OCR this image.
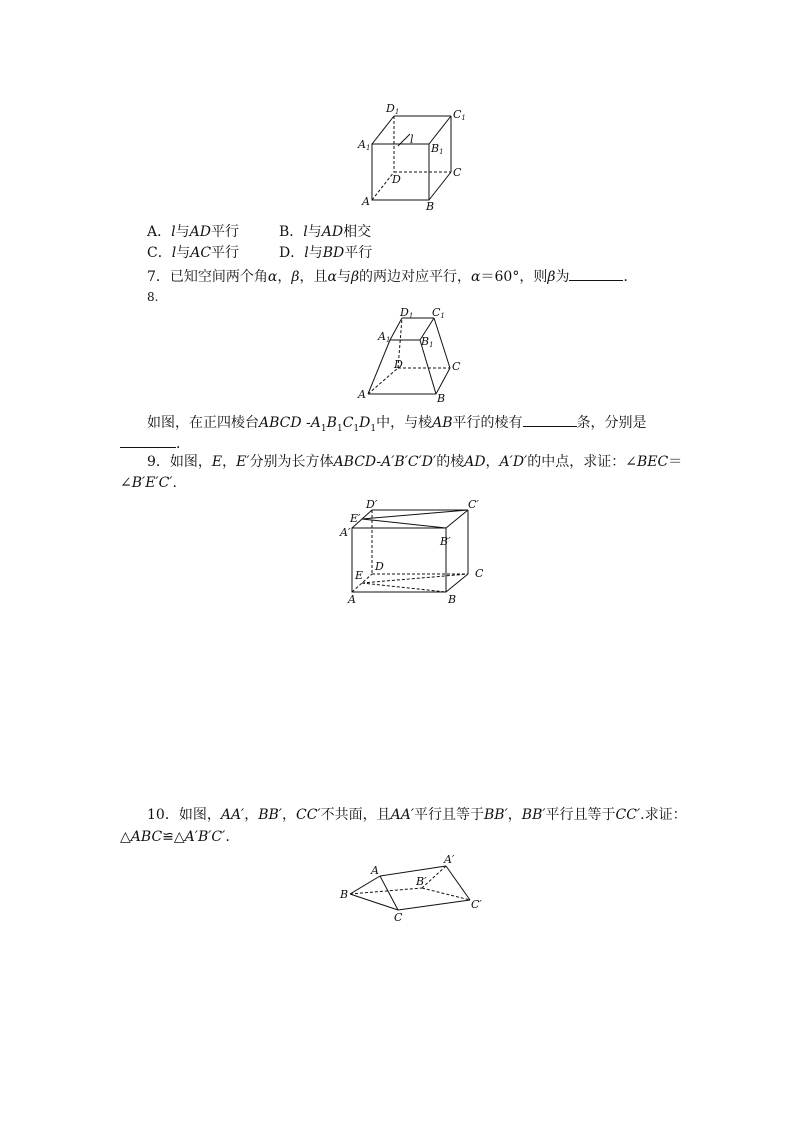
D1	C1
A1	B1
l
D
C
A	B
A．l与AD平行	B．l与AD相交
C．l与AC平行	D．l与BD平行
7．已知空间两个角α，β，且α与β的两边对应平行，α＝60°，则β为	．
8.
D1 C1
A1	B1
D	C
A	B
如图，在正四棱台ABCD $-A_1B_1C_1D_1$中，与棱AB平行的棱有	条，分别是
．
9．如图，E，E′分别为长方体ABCD-A′B′C′D′的棱AD，A′D′的中点，求证：∠BEC＝
∠B′E′C′.
D′	C′
E′
A′
B′
D
E	C
A	B
10．如图，AA′，BB′，CC′不共面，且AA′平行且等于BB′，BB′平行且等于CC′.求证：
△ABC≌△A′B′C′.
A
A′
B′
B
C
C′
